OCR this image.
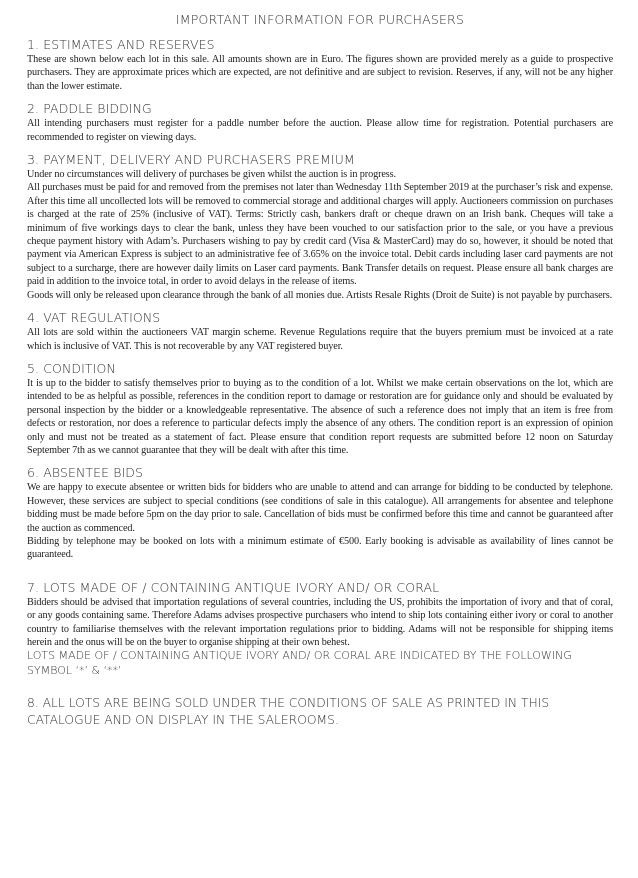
IMPORTANT INFORMATION FOR PURCHASERS
1. ESTIMATES AND RESERVES

These are shown below each lot in this sale. All amounts shown are in Euro. The figures shown are provided merely as a guide to prospective purchasers. They are approximate prices which are expected, are not definitive and are subject to revision. Reserves, if any, will not be any higher than the lower estimate.

2. PADDLE BIDDING

All intending purchasers must register for a paddle number before the auction. Please allow time for registration. Potential purchasers are recommended to register on viewing days.

3. PAYMENT, DELIVERY AND PURCHASERS PREMIUM

Under no circumstances will delivery of purchases be given whilst the auction is in progress.

All purchases must be paid for and removed from the premises not later than Wednesday 11th September 2019 at the purchaser’s risk and expense. After this time all uncollected lots will be removed to commercial storage and additional charges will apply. Auctioneers commission on purchases is charged at the rate of 25% (inclusive of VAT). Terms: Strictly cash, bankers draft or cheque drawn on an Irish bank. Cheques will take a minimum of five workings days to clear the bank, unless they have been vouched to our satisfaction prior to the sale, or you have a previous cheque payment history with Adam’s. Purchasers wishing to pay by credit card (Visa & MasterCard) may do so, however, it should be noted that payment via American Express is subject to an administrative fee of 3.65% on the invoice total. Debit cards including laser card payments are not subject to a surcharge, there are however daily limits on Laser card payments. Bank Transfer details on request. Please ensure all bank charges are paid in addition to the invoice total, in order to avoid delays in the release of items.

Goods will only be released upon clearance through the bank of all monies due. Artists Resale Rights (Droit de Suite) is not payable by purchasers.

4. VAT REGULATIONS

All lots are sold within the auctioneers VAT margin scheme. Revenue Regulations require that the buyers premium must be invoiced at a rate which is inclusive of VAT. This is not recoverable by any VAT registered buyer.

5. CONDITION

It is up to the bidder to satisfy themselves prior to buying as to the condition of a lot. Whilst we make certain observations on the lot, which are intended to be as helpful as possible, references in the condition report to damage or restoration are for guidance only and should be evaluated by personal inspection by the bidder or a knowledgeable representative. The absence of such a reference does not imply that an item is free from defects or restoration, nor does a reference to particular defects imply the absence of any others. The condition report is an expression of opinion only and must not be treated as a statement of fact. Please ensure that condition report requests are submitted before 12 noon on Saturday September 7th as we cannot guarantee that they will be dealt with after this time.

6. ABSENTEE BIDS

We are happy to execute absentee or written bids for bidders who are unable to attend and can arrange for bidding to be conducted by telephone. However, these services are subject to special conditions (see conditions of sale in this catalogue). All arrangements for absentee and telephone bidding must be made before 5pm on the day prior to sale. Cancellation of bids must be confirmed before this time and cannot be guaranteed after the auction as commenced.

Bidding by telephone may be booked on lots with a minimum estimate of €500. Early booking is advisable as availability of lines cannot be guaranteed.

7. LOTS MADE OF / CONTAINING ANTIQUE IVORY AND/ OR CORAL

Bidders should be advised that importation regulations of several countries, including the US, prohibits the importation of ivory and that of coral, or any goods containing same. Therefore Adams advises prospective purchasers who intend to ship lots containing either ivory or coral to another country to familiarise themselves with the relevant importation regulations prior to bidding. Adams will not be responsible for shipping items herein and the onus will be on the buyer to organise shipping at their own behest.

LOTS MADE OF / CONTAINING ANTIQUE IVORY AND/ OR CORAL ARE INDICATED BY THE FOLLOWING SYMBOL ‘*’ & ‘**’

8. ALL LOTS ARE BEING SOLD UNDER THE CONDITIONS OF SALE AS PRINTED IN THIS CATALOGUE AND ON DISPLAY IN THE SALEROOMS.
